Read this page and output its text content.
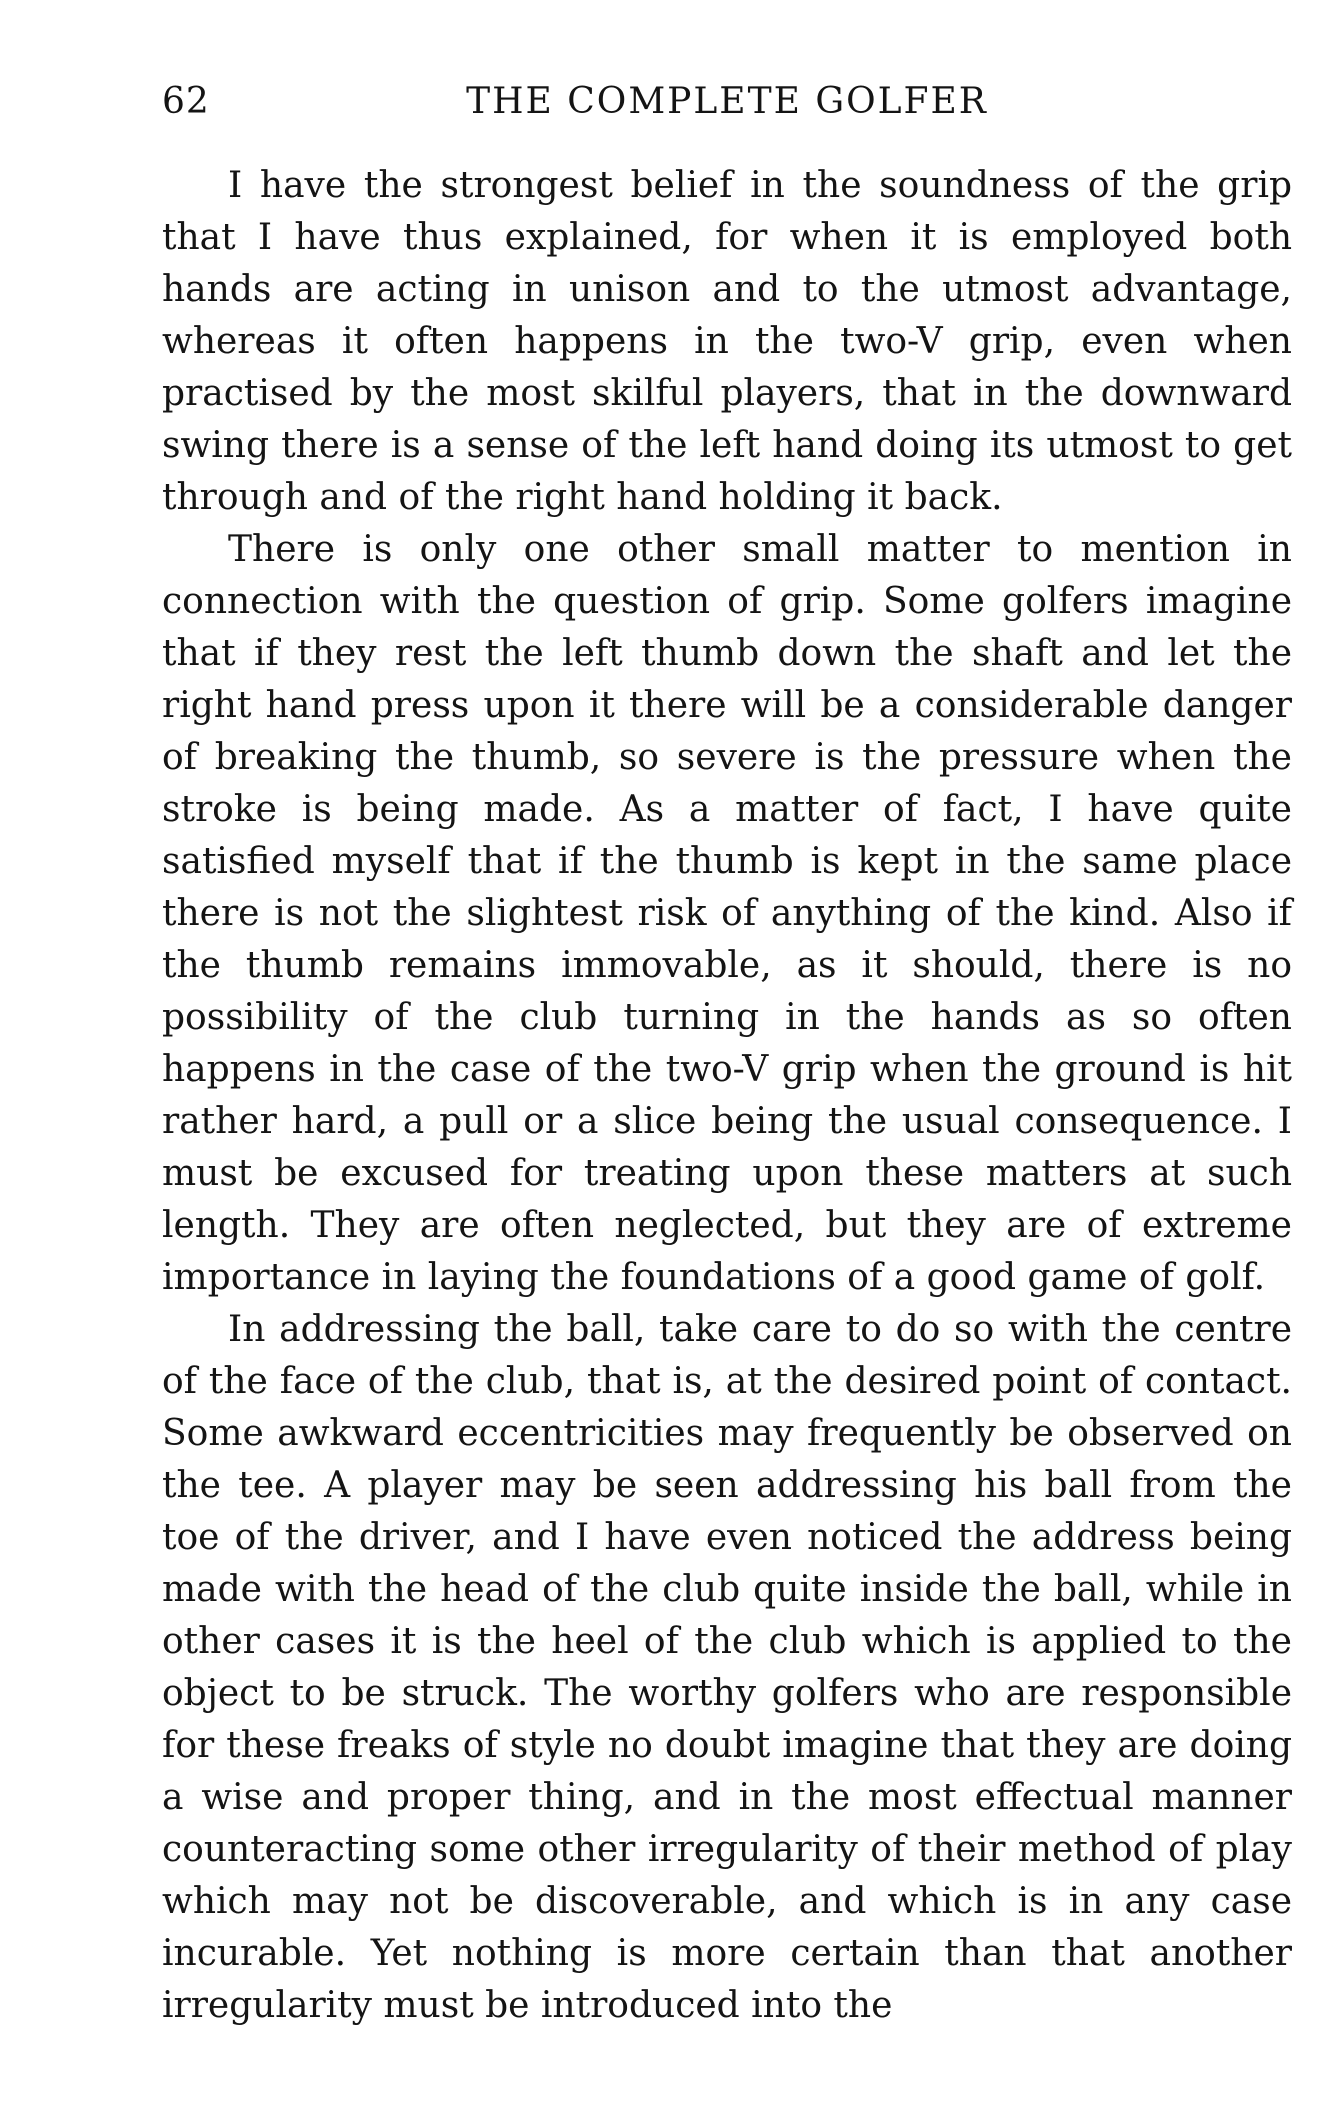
62	THE COMPLETE GOLFER

I have the strongest belief in the soundness of the grip that I have thus explained, for when it is employed both hands are acting in unison and to the utmost advantage, whereas it often happens in the two-V grip, even when practised by the most skilful players, that in the downward swing there is a sense of the left hand doing its utmost to get through and of the right hand holding it back.

There is only one other small matter to mention in connection with the question of grip. Some golfers imagine that if they rest the left thumb down the shaft and let the right hand press upon it there will be a considerable danger of breaking the thumb, so severe is the pressure when the stroke is being made. As a matter of fact, I have quite satisfied myself that if the thumb is kept in the same place there is not the slightest risk of anything of the kind. Also if the thumb remains immovable, as it should, there is no possibility of the club turning in the hands as so often happens in the case of the two-V grip when the ground is hit rather hard, a pull or a slice being the usual consequence. I must be excused for treating upon these matters at such length. They are often neglected, but they are of extreme importance in laying the foundations of a good game of golf.

In addressing the ball, take care to do so with the centre of the face of the club, that is, at the desired point of contact. Some awkward eccentricities may frequently be observed on the tee. A player may be seen addressing his ball from the toe of the driver, and I have even noticed the address being made with the head of the club quite inside the ball, while in other cases it is the heel of the club which is applied to the object to be struck. The worthy golfers who are responsible for these freaks of style no doubt imagine that they are doing a wise and proper thing, and in the most effectual manner counteracting some other irregularity of their method of play which may not be discoverable, and which is in any case incurable. Yet nothing is more certain than that another irregularity must be introduced into the
